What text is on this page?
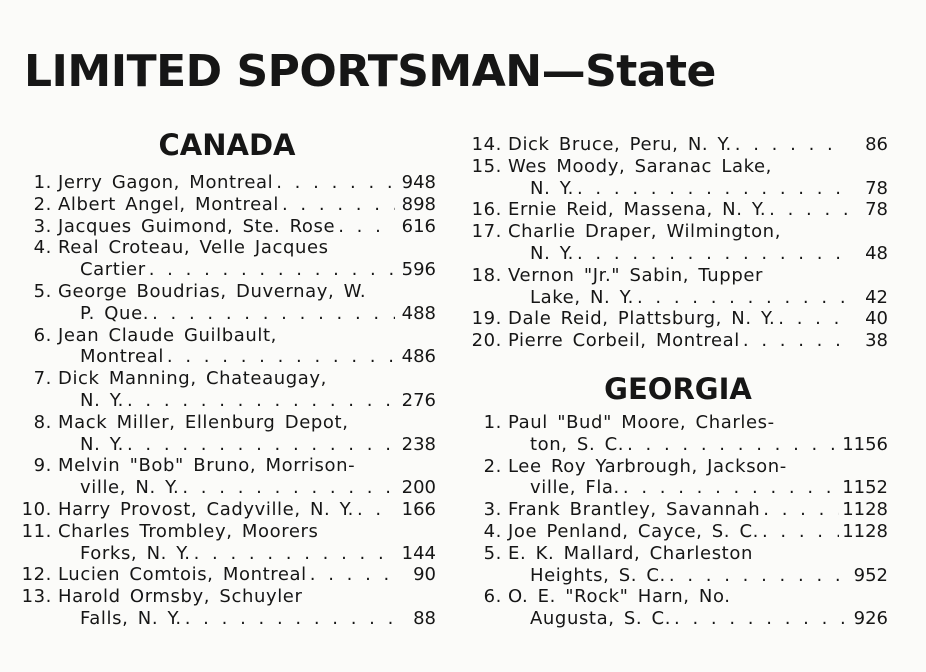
LIMITED SPORTSMAN—State
CANADA
1. Jerry Gagon, Montreal . . .	948
2. Albert Angel, Montreal . . .	898
3. Jacques Guimond, Ste. Rose . . .	616
4. Real Croteau, Velle Jacques
Cartier . . .	596
5. George Boudrias, Duvernay, W.
P. Que. . . .	488
6. Jean Claude Guilbault,
Montreal . . .	486
7. Dick Manning, Chateaugay,
N. Y. . . .	276
8. Mack Miller, Ellenburg Depot,
N. Y. . . .	238
9. Melvin "Bob" Bruno, Morrison-
ville, N. Y. . . .	200
10. Harry Provost, Cadyville, N. Y. . . .	166
11. Charles Trombley, Moorers
Forks, N. Y. . . .	144
12. Lucien Comtois, Montreal . . .	90
13. Harold Ormsby, Schuyler
Falls, N. Y. . . .	88
14. Dick Bruce, Peru, N. Y. . . .	86
15. Wes Moody, Saranac Lake,
N. Y. . . .	78
16. Ernie Reid, Massena, N. Y. . . .	78
17. Charlie Draper, Wilmington,
N. Y. . . .	48
18. Vernon "Jr." Sabin, Tupper
Lake, N. Y. . . .	42
19. Dale Reid, Plattsburg, N. Y. . . .	40
20. Pierre Corbeil, Montreal . . .	38
GEORGIA
1. Paul "Bud" Moore, Charles-
ton, S. C. . . .	1156
2. Lee Roy Yarbrough, Jackson-
ville, Fla. . . .	1152
3. Frank Brantley, Savannah . . .	1128
4. Joe Penland, Cayce, S. C. . . .	1128
5. E. K. Mallard, Charleston
Heights, S. C. . . .	952
6. O. E. "Rock" Harn, No.
Augusta, S. C. . . .	926
